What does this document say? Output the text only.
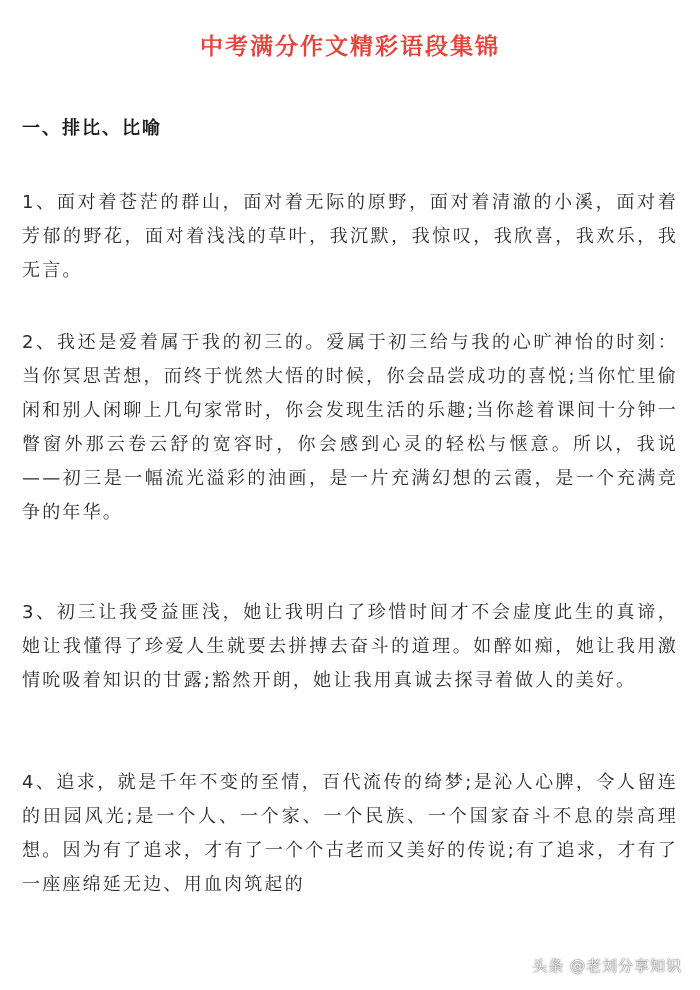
中考满分作文精彩语段集锦
一、排比、比喻
1、面对着苍茫的群山，面对着无际的原野，面对着清澈的小溪，面对着芳郁的野花，面对着浅浅的草叶，我沉默，我惊叹，我欣喜，我欢乐，我无言。
2、我还是爱着属于我的初三的。爱属于初三给与我的心旷神怡的时刻：当你冥思苦想，而终于恍然大悟的时候，你会品尝成功的喜悦;当你忙里偷闲和别人闲聊上几句家常时，你会发现生活的乐趣;当你趁着课间十分钟一瞥窗外那云卷云舒的宽容时，你会感到心灵的轻松与惬意。所以，我说——初三是一幅流光溢彩的油画，是一片充满幻想的云霞，是一个充满竞争的年华。
3、初三让我受益匪浅，她让我明白了珍惜时间才不会虚度此生的真谛，她让我懂得了珍爱人生就要去拼搏去奋斗的道理。如醉如痴，她让我用激情吮吸着知识的甘露;豁然开朗，她让我用真诚去探寻着做人的美好。
4、追求，就是千年不变的至情，百代流传的绮梦;是沁人心脾，令人留连的田园风光;是一个人、一个家、一个民族、一个国家奋斗不息的崇高理想。因为有了追求，才有了一个个古老而又美好的传说;有了追求，才有了一座座绵延无边、用血肉筑起的
头条 @老刘分享知识
